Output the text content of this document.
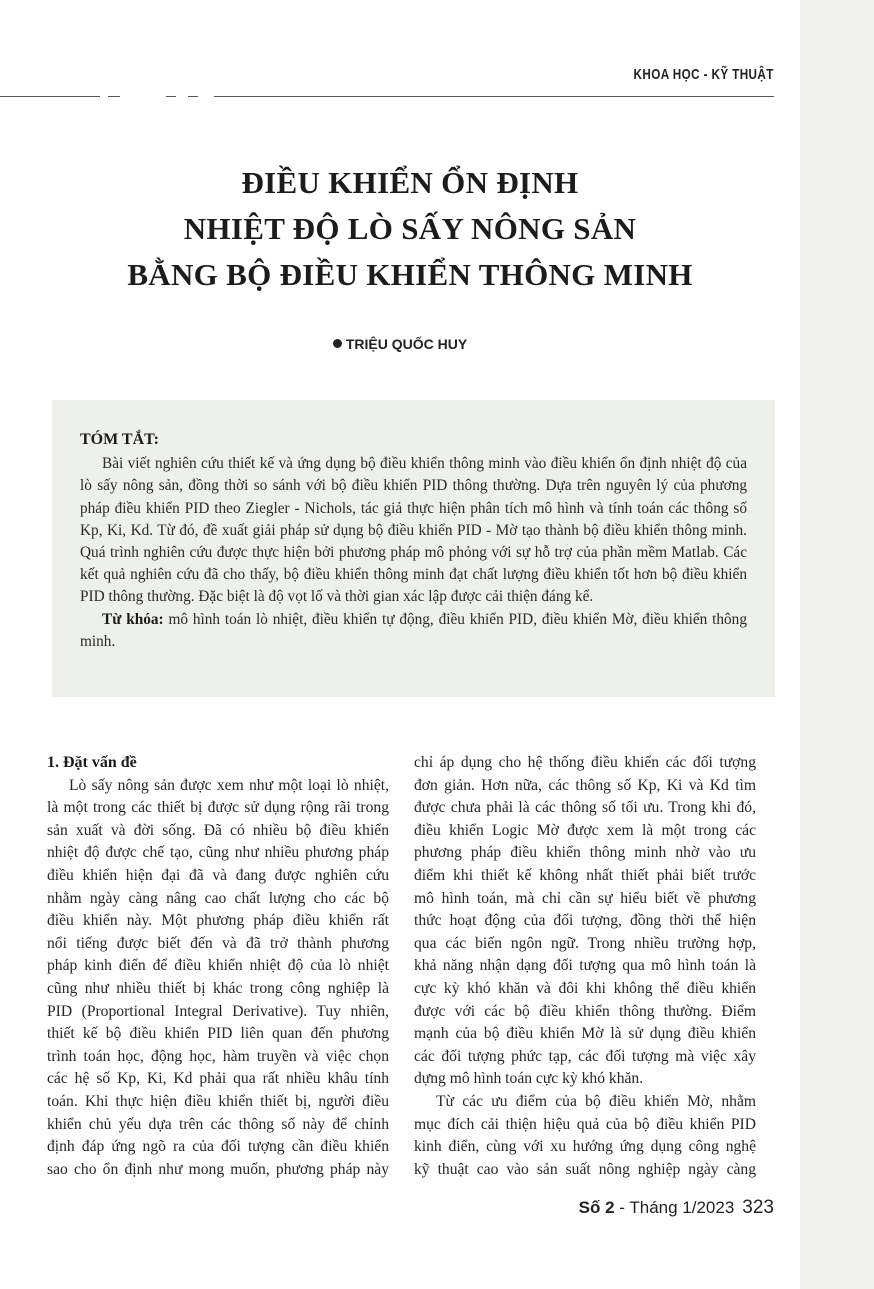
KHOA HỌC - KỸ THUẬT
ĐIỀU KHIỂN ỔN ĐỊNH
NHIỆT ĐỘ LÒ SẤY NÔNG SẢN
BẰNG BỘ ĐIỀU KHIỂN THÔNG MINH
TRIỆU QUỐC HUY
TÓM TẮT:

Bài viết nghiên cứu thiết kế và ứng dụng bộ điều khiển thông minh vào điều khiển ổn định nhiệt độ của lò sấy nông sản, đồng thời so sánh với bộ điều khiển PID thông thường. Dựa trên nguyên lý của phương pháp điều khiển PID theo Ziegler - Nichols, tác giả thực hiện phân tích mô hình và tính toán các thông số Kp, Ki, Kd. Từ đó, đề xuất giải pháp sử dụng bộ điều khiển PID - Mờ tạo thành bộ điều khiển thông minh. Quá trình nghiên cứu được thực hiện bởi phương pháp mô phỏng với sự hỗ trợ của phần mềm Matlab. Các kết quả nghiên cứu đã cho thấy, bộ điều khiển thông minh đạt chất lượng điều khiển tốt hơn bộ điều khiển PID thông thường. Đặc biệt là độ vọt lố và thời gian xác lập được cải thiện đáng kể.

Từ khóa: mô hình toán lò nhiệt, điều khiển tự động, điều khiển PID, điều khiển Mờ, điều khiển thông minh.

1. Đặt vấn đề
Lò sấy nông sản được xem như một loại lò nhiệt,
là một trong các thiết bị được sử dụng rộng rãi trong
sản xuất và đời sống. Đã có nhiều bộ điều khiển
nhiệt độ được chế tạo, cũng như nhiều phương pháp
điều khiển hiện đại đã và đang được nghiên cứu
nhằm ngày càng nâng cao chất lượng cho các bộ
điều khiển này. Một phương pháp điều khiển rất
nổi tiếng được biết đến và đã trở thành phương
pháp kinh điển để điều khiển nhiệt độ của lò nhiệt
cũng như nhiều thiết bị khác trong công nghiệp là
PID (Proportional Integral Derivative). Tuy nhiên,
thiết kế bộ điều khiển PID liên quan đến phương
trình toán học, động học, hàm truyền và việc chọn
các hệ số Kp, Ki, Kd phải qua rất nhiều khâu tính
toán. Khi thực hiện điều khiển thiết bị, người điều
khiển chủ yếu dựa trên các thông số này để chỉnh
định đáp ứng ngõ ra của đối tượng cần điều khiển
sao cho ổn định như mong muốn, phương pháp này
chỉ áp dụng cho hệ thống điều khiển các đối tượng
đơn giản. Hơn nữa, các thông số Kp, Ki và Kd tìm
được chưa phải là các thông số tối ưu. Trong khi đó,
điều khiển Logic Mờ được xem là một trong các
phương pháp điều khiển thông minh nhờ vào ưu
điểm khi thiết kế không nhất thiết phải biết trước
mô hình toán, mà chỉ cần sự hiểu biết về phương
thức hoạt động của đối tượng, đồng thời thể hiện
qua các biến ngôn ngữ. Trong nhiều trường hợp,
khả năng nhận dạng đối tượng qua mô hình toán là
cực kỳ khó khăn và đôi khi không thể điều khiển
được với các bộ điều khiển thông thường. Điểm
mạnh của bộ điều khiển Mờ là sử dụng điều khiển
các đối tượng phức tạp, các đối tượng mà việc xây
dựng mô hình toán cực kỳ khó khăn.
Từ các ưu điểm của bộ điều khiển Mờ, nhằm
mục đích cải thiện hiệu quả của bộ điều khiển PID
kinh điển, cùng với xu hướng ứng dụng công nghệ
kỹ thuật cao vào sản suất nông nghiệp ngày càng
Số 2 - Tháng 1/2023 323
